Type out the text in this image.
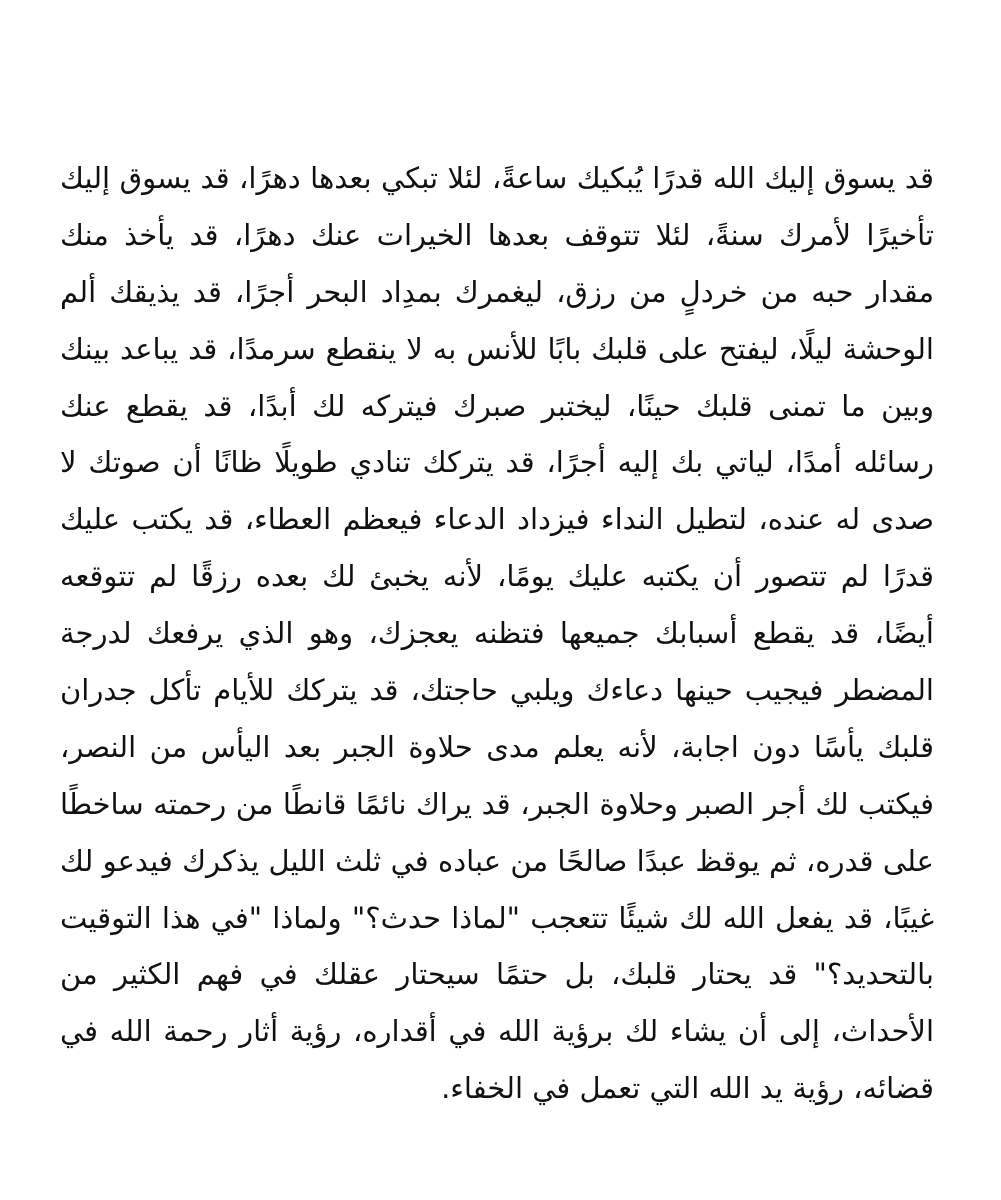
قد يسوق إليك الله قدرًا يُبكيك ساعةً، لئلا تبكي بعدها دهرًا، قد يسوق إليك
تأخيرًا لأمرك سنةً، لئلا تتوقف بعدها الخيرات عنك دهرًا، قد يأخذ منك
مقدار حبه من خردلٍ من رزق، ليغمرك بمدِاد البحر أجرًا، قد يذيقك ألم
الوحشة ليلًا، ليفتح على قلبك بابًا للأنس به لا ينقطع سرمدًا، قد يباعد بينك
وبين ما تمنى قلبك حينًا، ليختبر صبرك فيتركه لك أبدًا، قد يقطع عنك
رسائله أمدًا، لياتي بك إليه أجرًا، قد يتركك تنادي طويلًا ظانًا أن صوتك لا
صدى له عنده، لتطيل النداء فيزداد الدعاء فيعظم العطاء، قد يكتب عليك
قدرًا لم تتصور أن يكتبه عليك يومًا، لأنه يخبئ لك بعده رزقًا لم تتوقعه
أيضًا، قد يقطع أسبابك جميعها فتظنه يعجزك، وهو الذي يرفعك لدرجة
المضطر فيجيب حينها دعاءك ويلبي حاجتك، قد يتركك للأيام تأكل جدران
قلبك يأسًا دون اجابة، لأنه يعلم مدى حلاوة الجبر بعد اليأس من النصر،
فيكتب لك أجر الصبر وحلاوة الجبر، قد يراك نائمًا قانطًا من رحمته ساخطًا
على قدره، ثم يوقظ عبدًا صالحًا من عباده في ثلث الليل يذكرك فيدعو لك
غيبًا، قد يفعل الله لك شيئًا تتعجب "لماذا حدث؟" ولماذا "في هذا التوقيت
بالتحديد؟" قد يحتار قلبك، بل حتمًا سيحتار عقلك في فهم الكثير من
الأحداث، إلى أن يشاء لك برؤية الله في أقداره، رؤية أثار رحمة الله في
قضائه، رؤية يد الله التي تعمل في الخفاء.
